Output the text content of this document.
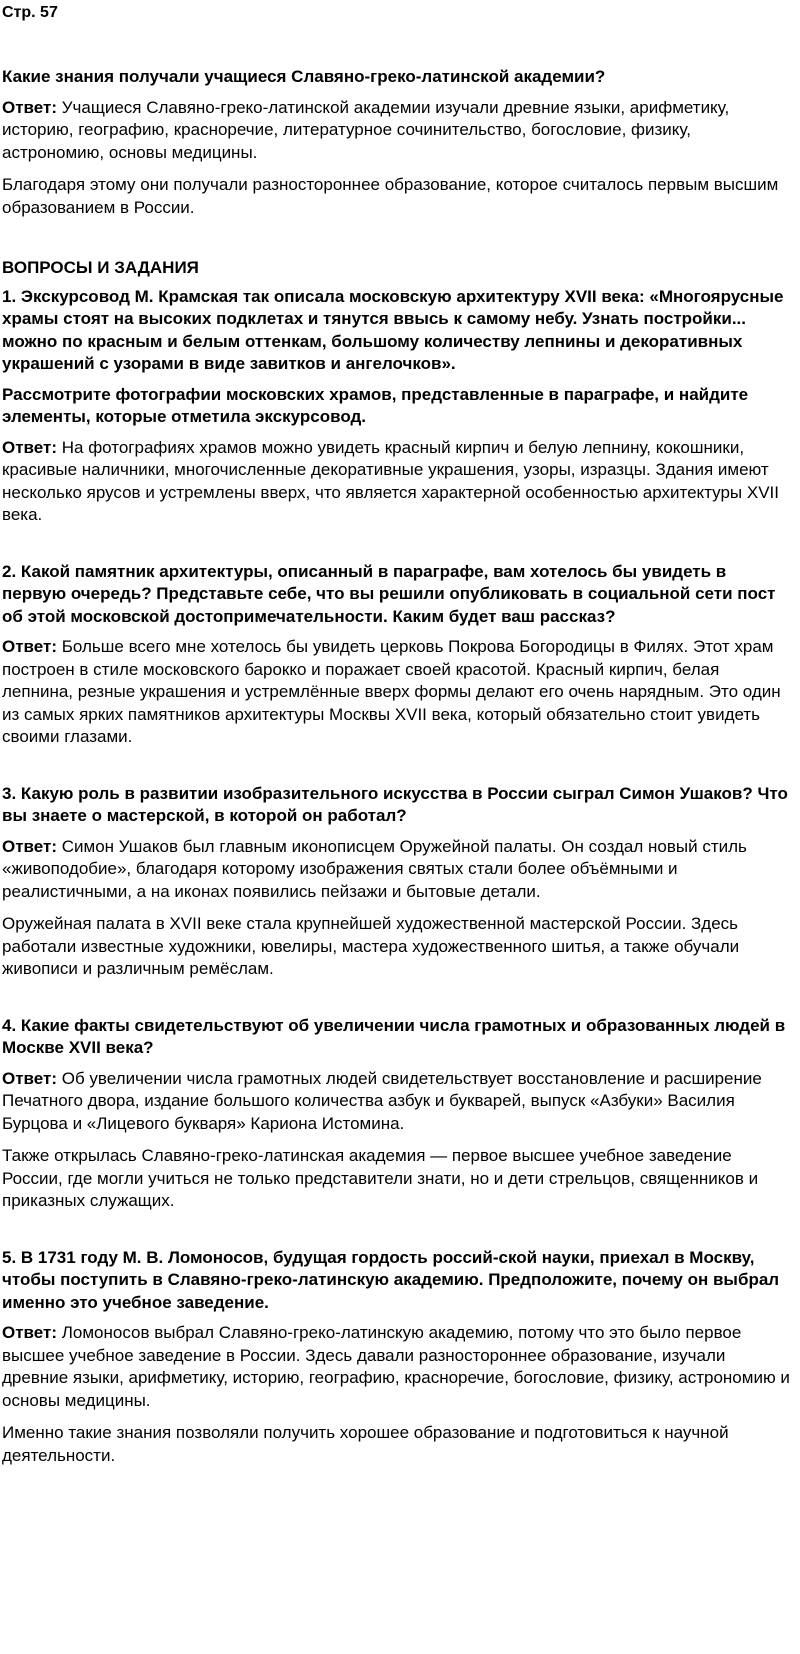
Стр. 57
Какие знания получали учащиеся Славяно-греко-латинской академии?
Ответ: Учащиеся Славяно-греко-латинской академии изучали древние языки, арифметику, историю, географию, красноречие, литературное сочинительство, богословие, физику, астрономию, основы медицины.
Благодаря этому они получали разностороннее образование, которое считалось первым высшим образованием в России.
ВОПРОСЫ И ЗАДАНИЯ
1. Экскурсовод М. Крамская так описала московскую архитектуру XVII века: «Многоярусные храмы стоят на высоких подклетах и тянутся ввысь к самому небу. Узнать постройки... можно по красным и белым оттенкам, большому количеству лепнины и декоративных украшений с узорами в виде завитков и ангелочков».
Рассмотрите фотографии московских храмов, представленные в параграфе, и найдите элементы, которые отметила экскурсовод.
Ответ: На фотографиях храмов можно увидеть красный кирпич и белую лепнину, кокошники, красивые наличники, многочисленные декоративные украшения, узоры, изразцы. Здания имеют несколько ярусов и устремлены вверх, что является характерной особенностью архитектуры XVII века.
2. Какой памятник архитектуры, описанный в параграфе, вам хотелось бы увидеть в первую очередь? Представьте себе, что вы решили опубликовать в социальной сети пост об этой московской достопримечательности. Каким будет ваш рассказ?
Ответ: Больше всего мне хотелось бы увидеть церковь Покрова Богородицы в Филях. Этот храм построен в стиле московского барокко и поражает своей красотой. Красный кирпич, белая лепнина, резные украшения и устремлённые вверх формы делают его очень нарядным. Это один из самых ярких памятников архитектуры Москвы XVII века, который обязательно стоит увидеть своими глазами.
3. Какую роль в развитии изобразительного искусства в России сыграл Симон Ушаков? Что вы знаете о мастерской, в которой он работал?
Ответ: Симон Ушаков был главным иконописцем Оружейной палаты. Он создал новый стиль «живоподобие», благодаря которому изображения святых стали более объёмными и реалистичными, а на иконах появились пейзажи и бытовые детали.
Оружейная палата в XVII веке стала крупнейшей художественной мастерской России. Здесь работали известные художники, ювелиры, мастера художественного шитья, а также обучали живописи и различным ремёслам.
4. Какие факты свидетельствуют об увеличении числа грамотных и образованных людей в Москве XVII века?
Ответ: Об увеличении числа грамотных людей свидетельствует восстановление и расширение Печатного двора, издание большого количества азбук и букварей, выпуск «Азбуки» Василия Бурцова и «Лицевого букваря» Кариона Истомина.
Также открылась Славяно-греко-латинская академия — первое высшее учебное заведение России, где могли учиться не только представители знати, но и дети стрельцов, священников и приказных служащих.
5. В 1731 году М. В. Ломоносов, будущая гордость россий-ской науки, приехал в Москву, чтобы поступить в Славяно-греко-латинскую академию. Предположите, почему он выбрал именно это учебное заведение.
Ответ: Ломоносов выбрал Славяно-греко-латинскую академию, потому что это было первое высшее учебное заведение в России. Здесь давали разностороннее образование, изучали древние языки, арифметику, историю, географию, красноречие, богословие, физику, астрономию и основы медицины.
Именно такие знания позволяли получить хорошее образование и подготовиться к научной деятельности.
